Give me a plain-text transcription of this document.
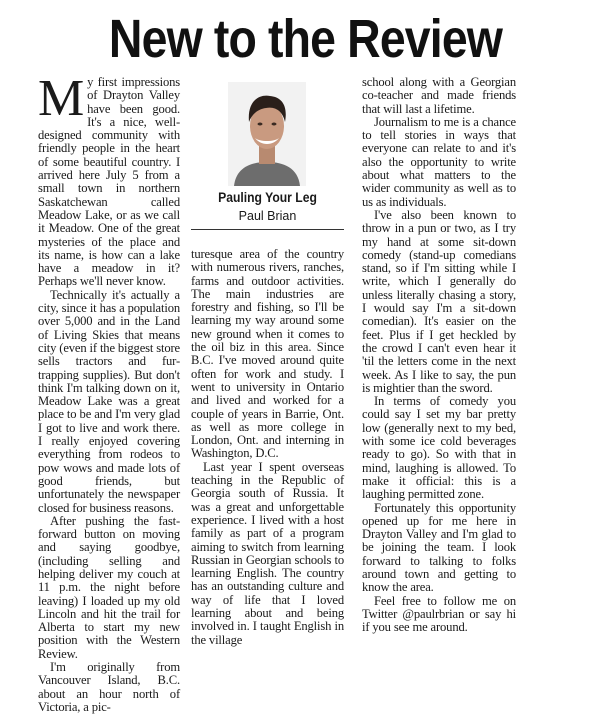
New to the Review

My first impressions of Drayton Valley have been good. It's a nice, well-designed community with friendly people in the heart of some beautiful country. I arrived here July 5 from a small town in northern Saskatchewan called Meadow Lake, or as we call it Meadow. One of the great mysteries of the place and its name, is how can a lake have a meadow in it? Perhaps we'll never know.

Technically it's actually a city, since it has a population over 5,000 and in the Land of Living Skies that means city (even if the biggest store sells tractors and fur-trapping supplies). But don't think I'm talking down on it, Meadow Lake was a great place to be and I'm very glad I got to live and work there. I really enjoyed covering everything from rodeos to pow wows and made lots of good friends, but unfortunately the newspaper closed for business reasons.

After pushing the fast-forward button on moving and saying goodbye, (including selling and helping deliver my couch at 11 p.m. the night before leaving) I loaded up my old Lincoln and hit the trail for Alberta to start my new position with the Western Review.

I'm originally from Vancouver Island, B.C. about an hour north of Victoria, a pic-

Pauling Your Leg
Paul Brian

turesque area of the country with numerous rivers, ranches, farms and outdoor activities. The main industries are forestry and fishing, so I'll be learning my way around some new ground when it comes to the oil biz in this area. Since B.C. I've moved around quite often for work and study. I went to university in Ontario and lived and worked for a couple of years in Barrie, Ont. as well as more college in London, Ont. and interning in Washington, D.C.

Last year I spent overseas teaching in the Republic of Georgia south of Russia. It was a great and unforgettable experience. I lived with a host family as part of a program aiming to switch from learning Russian in Georgian schools to learning English. The country has an outstanding culture and way of life that I loved learning about and being involved in. I taught English in the village

school along with a Georgian co-teacher and made friends that will last a lifetime.

Journalism to me is a chance to tell stories in ways that everyone can relate to and it's also the opportunity to write about what matters to the wider community as well as to us as individuals.

I've also been known to throw in a pun or two, as I try my hand at some sit-down comedy (stand-up comedians stand, so if I'm sitting while I write, which I generally do unless literally chasing a story, I would say I'm a sit-down comedian). It's easier on the feet. Plus if I get heckled by the crowd I can't even hear it 'til the letters come in the next week. As I like to say, the pun is mightier than the sword.

In terms of comedy you could say I set my bar pretty low (generally next to my bed, with some ice cold beverages ready to go). So with that in mind, laughing is allowed. To make it official: this is a laughing permitted zone.

Fortunately this opportunity opened up for me here in Drayton Valley and I'm glad to be joining the team. I look forward to talking to folks around town and getting to know the area.

Feel free to follow me on Twitter @paulrbrian or say hi if you see me around.
